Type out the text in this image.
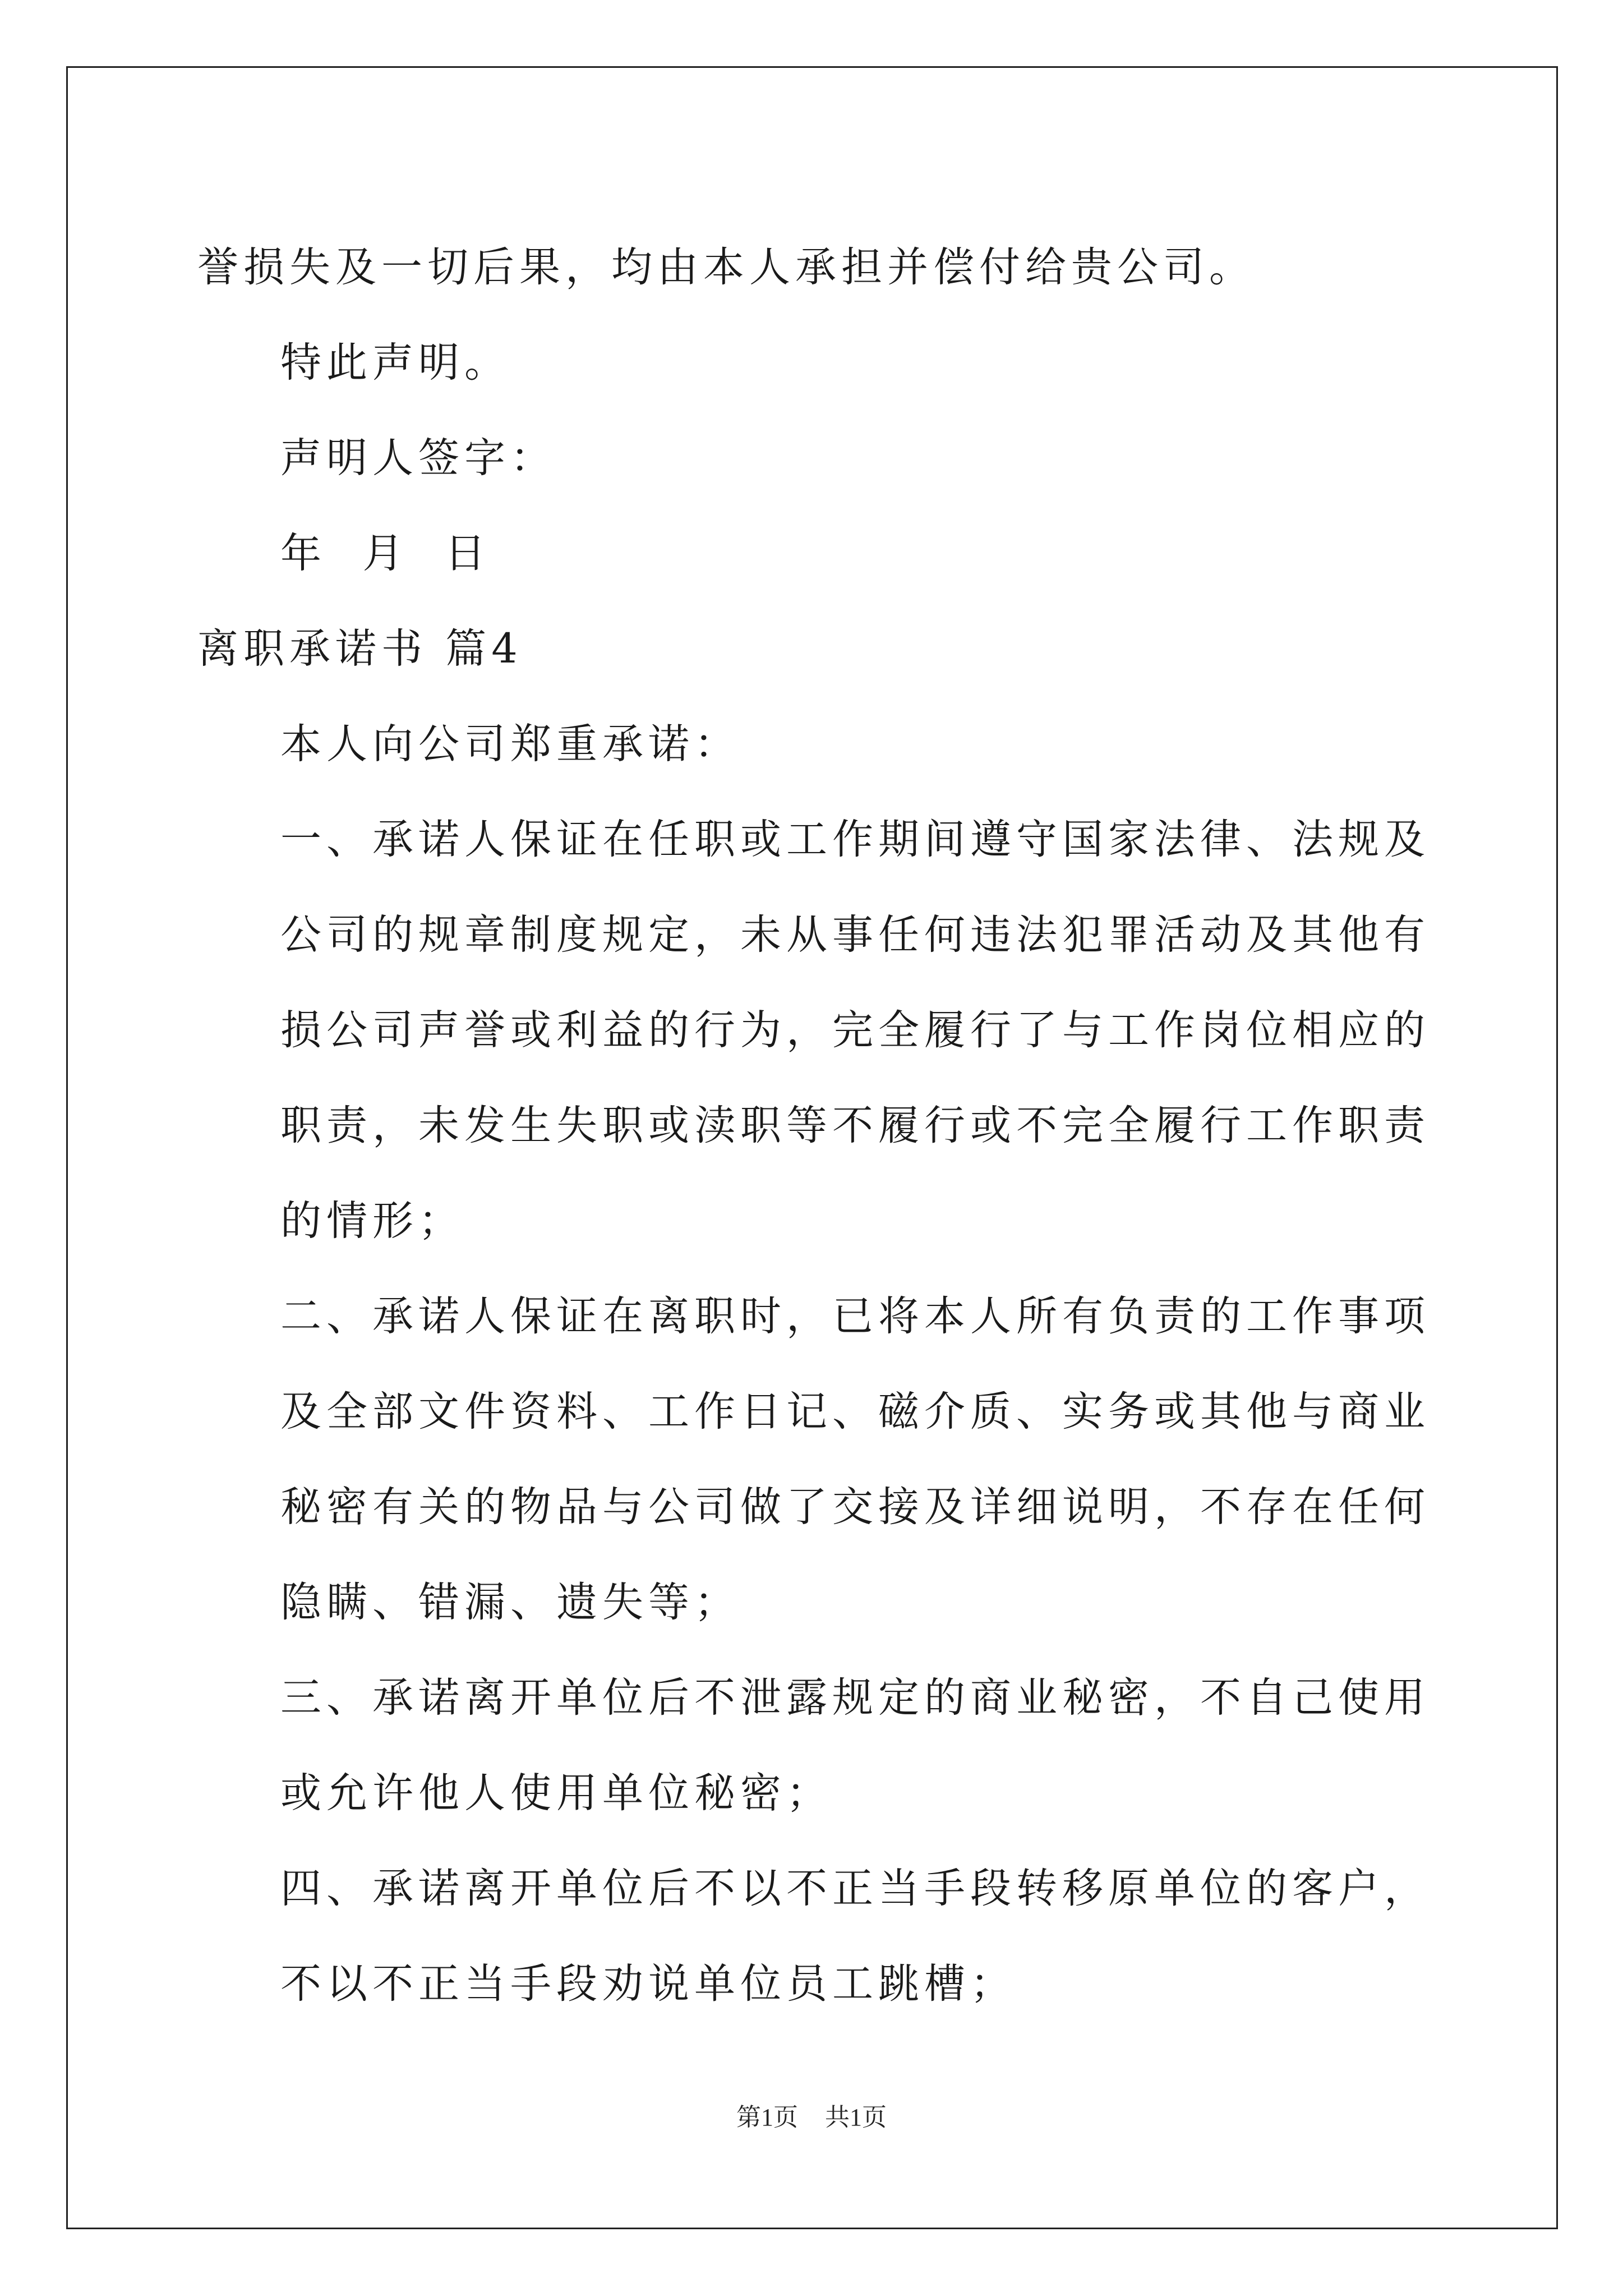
誉损失及一切后果，均由本人承担并偿付给贵公司。

特此声明。

声明人签字：

年  月  日

离职承诺书 篇4

本人向公司郑重承诺：

一、承诺人保证在任职或工作期间遵守国家法律、法规及公司的规章制度规定，未从事任何违法犯罪活动及其他有损公司声誉或利益的行为，完全履行了与工作岗位相应的职责，未发生失职或渎职等不履行或不完全履行工作职责的情形；

二、承诺人保证在离职时，已将本人所有负责的工作事项及全部文件资料、工作日记、磁介质、实务或其他与商业秘密有关的物品与公司做了交接及详细说明，不存在任何隐瞒、错漏、遗失等；

三、承诺离开单位后不泄露规定的商业秘密，不自己使用或允许他人使用单位秘密；

四、承诺离开单位后不以不正当手段转移原单位的客户，不以不正当手段劝说单位员工跳槽；

第1页 共1页
